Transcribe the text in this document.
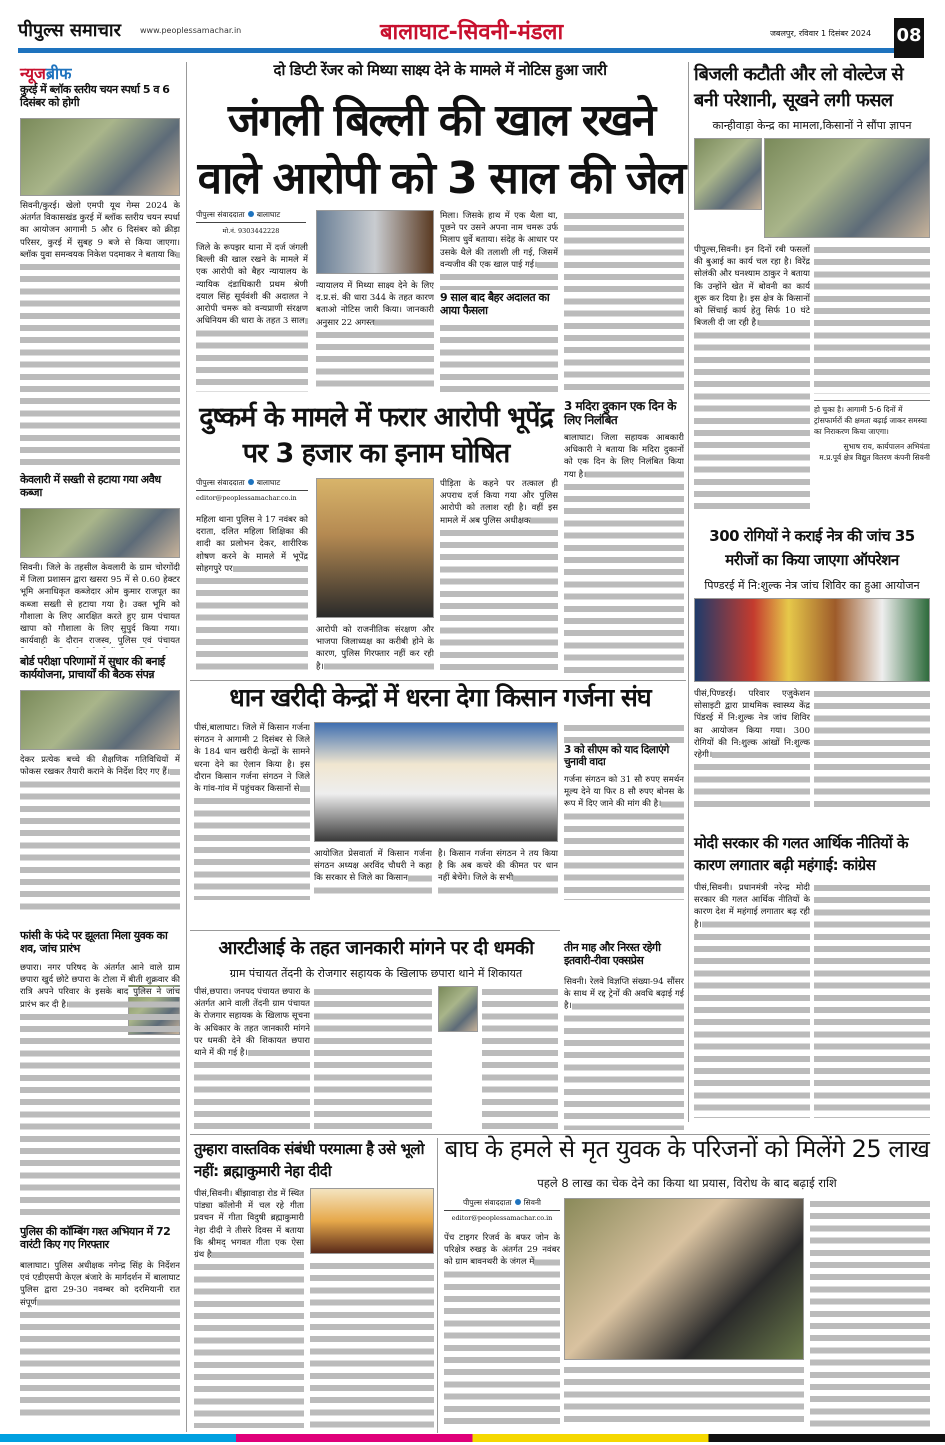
पीपुल्स समाचार www.peoplessamachar.in	बालाघाट-सिवनी-मंडला	जबलपुर, रविवार 1 दिसंबर 2024 08
न्यूजब्रीफ
कुरई में ब्लॉक स्तरीय चयन स्पर्धा 5 व 6 दिसंबर को होगी

सिवनी/कुरई। खेलो एमपी यूथ गेम्स 2024 के अंतर्गत विकासखंड कुरई में ब्लॉक स्तरीय चयन स्पर्धा का आयोजन आगामी 5 और 6 दिसंबर को क्रीड़ा परिसर, कुरई में सुबह 9 बजे से किया जाएगा। ब्लॉक युवा समन्वयक निकेश पदमाकर ने बताया कि

केवलारी में सख्ती से हटाया गया अवैध कब्जा

सिवनी। जिले के तहसील केवलारी के ग्राम चोरगोंदी में जिला प्रशासन द्वारा खसरा 95 में से 0.60 हेक्टर भूमि अनाधिकृत कब्जेदार ओम कुमार राजपूत का कब्जा सख्ती से हटाया गया है। उक्त भूमि को गौशाला के लिए आरक्षित करते हुए ग्राम पंचायत खापा को गौशाला के लिए सुपुर्द किया गया। कार्यवाही के दौरान राजस्व, पुलिस एवं पंचायत

बोर्ड परीक्षा परिणामों में सुधार की बनाई कार्ययोजना, प्राचार्यों की बैठक संपन्न

देकर प्रत्येक बच्चे की शैक्षणिक गतिविधियों में फोकस रखकर तैयारी कराने के निर्देश दिए गए हैं।

फांसी के फंदे पर झूलता मिला युवक का शव, जांच प्रारंभ

छपारा। नगर परिषद के अंतर्गत आने वाले ग्राम छपारा खुर्द छोटे छपारा के टोला में बीती शुक्रवार की रात्रि अपने परिवार के इसके बाद पुलिस ने जांच प्रारंभ कर दी है।

पुलिस की कॉम्बिंग गश्त अभियान में 72 वारंटी किए गए गिरफ्तार

बालाघाट। पुलिस अधीक्षक नगेन्द्र सिंह के निर्देशन एवं एडीएसपी केएल बंजारे के मार्गदर्शन में बालाघाट पुलिस द्वारा 29-30 नवम्बर को दरमियानी रात संपूर्ण

दो डिप्टी रेंजर को मिथ्या साक्ष्य देने के मामले में नोटिस हुआ जारी
जंगली बिल्ली की खाल रखने वाले आरोपी को 3 साल की जेल
पीपुल्स संवाददाता बालाघाट
मो.नं. 9303442228

जिले के रूपझर थाना में दर्ज जंगली बिल्ली की खाल रखने के मामले में एक आरोपी को बैहर न्यायालय के न्यायिक दंडाधिकारी प्रथम श्रेणी दयाल सिंह सूर्यवंशी की अदालत ने आरोपी चमरू को वन्यप्राणी संरक्षण अधिनियम की धारा के तहत 3 साल

न्यायालय में मिथ्या साक्ष्य देने के लिए द.प्र.सं. की धारा 344 के तहत कारण बताओ नोटिस जारी किया। जानकारी अनुसार 22 अगस्त

मिला। जिसके हाथ में एक थैला था, पूछने पर उसने अपना नाम चमरू उर्फ मिलाप धुर्वे बताया। संदेह के आधार पर उसके थैले की तलाशी ली गई, जिसमें वन्यजीव की एक खाल पाई गई।

9 साल बाद बैहर अदालत का आया फैसला
दुष्कर्म के मामले में फरार आरोपी भूपेंद्र पर 3 हजार का इनाम घोषित
पीपुल्स संवाददाता बालाघाट
editor@peoplessamachar.co.in

महिला थाना पुलिस ने 17 नवंबर को दराता, दलित महिला शिक्षिका की शादी का प्रलोभन देकर, शारीरिक शोषण करने के मामले में भूपेंद्र सोहगपुरे पर

आरोपी को राजनीतिक संरक्षण और भाजपा जिलाध्यक्ष का करीबी होने के कारण, पुलिस गिरफ्तार नहीं कर रही है।

पीड़िता के कहने पर तत्काल ही अपराध दर्ज किया गया और पुलिस आरोपी को तलाश रही है। वहीं इस मामले में अब पुलिस अधीक्षक

3 मदिरा दुकान एक दिन के लिए निलंबित

बालाघाट। जिला सहायक आबकारी अधिकारी ने बताया कि मदिरा दुकानों को एक दिन के लिए निलंबित किया गया है।

बिजली कटौती और लो वोल्टेज से बनी परेशानी, सूखने लगी फसल
कान्हीवाड़ा केन्द्र का मामला,किसानों ने सौंपा ज्ञापन

पीपुल्स,सिवनी। इन दिनों रबी फसलों की बुआई का कार्य चल रहा है। विरेंद्र सोलंकी और घनश्याम ठाकुर ने बताया कि उन्होंने खेत में बोवनी का कार्य शुरू कर दिया है। इस क्षेत्र के किसानों को सिंचाई कार्य हेतु सिर्फ 10 घंटे बिजली दी जा रही है।

हो चुका है। आगामी 5-6 दिनों में ट्रांसफार्मरों की क्षमता बढ़ाई जाकर समस्या का निराकरण किया जाएगा।
सुभाष राय, कार्यपालन अभियंता
म.प्र.पूर्व क्षेत्र विद्युत वितरण कंपनी सिवनी
300 रोगियों ने कराई नेत्र की जांच 35 मरीजों का किया जाएगा ऑपरेशन
पिण्डरई में नि:शुल्क नेत्र जांच शिविर का हुआ आयोजन

पीसं,पिण्डरई। परिवार एजुकेशन सोसाइटी द्वारा प्राथमिक स्वास्थ्य केंद्र पिंडरई में नि:शुल्क नेत्र जांच शिविर का आयोजन किया गया। 300 रोगियों की नि:शुल्क आंखों नि:शुल्क रहेगी।

मोदी सरकार की गलत आर्थिक नीतियों के कारण लगातार बढ़ी महंगाई: कांग्रेस

पीसं,सिवनी। प्रधानमंत्री नरेन्द्र मोदी सरकार की गलत आर्थिक नीतियों के कारण देश में महंगाई लगातार बढ़ रही है।

धान खरीदी केन्द्रों में धरना देगा किसान गर्जना संघ

पीसं,बालाघाट। जिले में किसान गर्जना संगठन ने आगामी 2 दिसंबर से जिले के 184 धान खरीदी केन्द्रों के सामने धरना देने का ऐलान किया है। इस दौरान किसान गर्जना संगठन ने जिले के गांव-गांव में पहुंचकर किसानों से

आयोजित प्रेसवार्ता में किसान गर्जना संगठन अध्यक्ष अरविंद चौधरी ने कहा कि सरकार से जिले का किसान

है। किसान गर्जना संगठन ने तय किया है कि अब कचरे की कीमत पर धान नहीं बेचेंगे। जिले के सभी

3 को सीएम को याद दिलाएंगे चुनावी वादा

गर्जना संगठन को 31 सौ रुपए समर्थन मूल्य देने या फिर 8 सौ रुपए बोनस के रूप में दिए जाने की मांग की है।

आरटीआई के तहत जानकारी मांगने पर दी धमकी
ग्राम पंचायत तेंदनी के रोजगार सहायक के खिलाफ छपारा थाने में शिकायत

पीसं,छपारा। जनपद पंचायत छपारा के अंतर्गत आने वाली तेंदनी ग्राम पंचायत के रोजगार सहायक के खिलाफ सूचना के अधिकार के तहत जानकारी मांगने पर धमकी देने की शिकायत छपारा थाने में की गई है।

तीन माह और निरस्त रहेगी इतवारी-रीवा एक्सप्रेस

सिवनी। रेलवे विज्ञप्ति संख्या-94 सौंसर के साथ में रद्द ट्रेनों की अवधि बढ़ाई गई है।

तुम्हारा वास्तविक संबंधी परमात्मा है उसे भूलो नहीं: ब्रह्माकुमारी नेहा दीदी

पीसं,सिवनी। बींझावाड़ा रोड में स्थित पांड्या कॉलोनी में चल रहे गीता प्रवचन में गीता विदुषी ब्रह्माकुमारी नेहा दीदी ने तीसरे दिवस में बताया कि श्रीमद् भगवत गीता एक ऐसा ग्रंथ है

बाघ के हमले से मृत युवक के परिजनों को मिलेंगे 25 लाख
पहले 8 लाख का चेक देने का किया था प्रयास, विरोध के बाद बढ़ाई राशि
पीपुल्स संवाददाता सिवनी
editor@peoplessamachar.co.in

पेंच टाइगर रिजर्व के बफर जोन के परिक्षेत्र रुखड़ के अंतर्गत 29 नवंबर को ग्राम बावनथरी के जंगल में
